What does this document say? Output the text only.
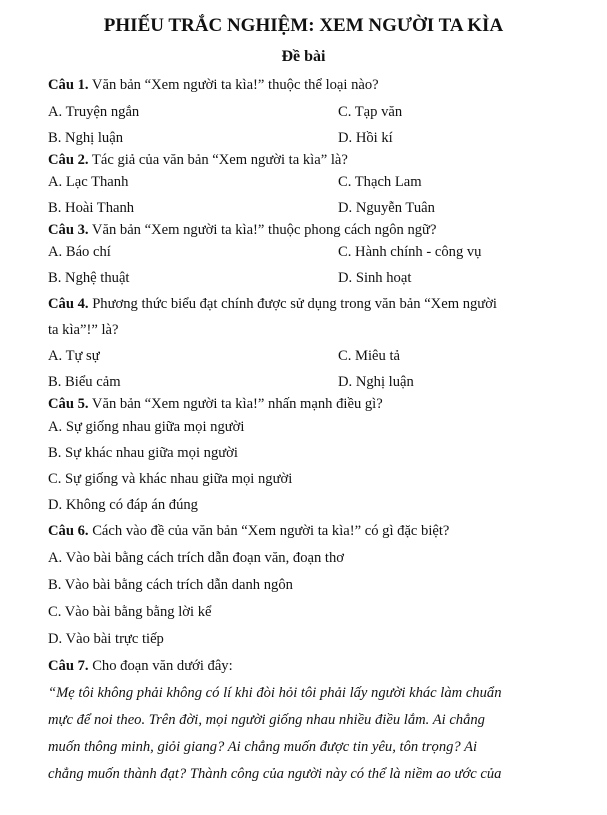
PHIẾU TRẮC NGHIỆM: XEM NGƯỜI TA KÌA
Đề bài

Câu 1. Văn bản “Xem người ta kìa!” thuộc thể loại nào?

A. Truyện ngắn	C. Tạp văn
B. Nghị luận	D. Hồi kí

Câu 2. Tác giả của văn bản “Xem người ta kìa” là?

A. Lạc Thanh	C. Thạch Lam
B. Hoài Thanh	D. Nguyễn Tuân

Câu 3. Văn bản “Xem người ta kìa!” thuộc phong cách ngôn ngữ?

A. Báo chí	C. Hành chính - công vụ
B. Nghệ thuật	D. Sinh hoạt

Câu 4. Phương thức biểu đạt chính được sử dụng trong văn bản “Xem người

ta kìa”!” là?

A. Tự sự	C. Miêu tả
B. Biểu cảm	D. Nghị luận

Câu 5. Văn bản “Xem người ta kìa!” nhấn mạnh điều gì?

A. Sự giống nhau giữa mọi người
B. Sự khác nhau giữa mọi người
C. Sự giống và khác nhau giữa mọi người
D. Không có đáp án đúng

Câu 6. Cách vào đề của văn bản “Xem người ta kìa!” có gì đặc biệt?

A. Vào bài bằng cách trích dẫn đoạn văn, đoạn thơ
B. Vào bài bằng cách trích dẫn danh ngôn
C. Vào bài bằng bằng lời kể
D. Vào bài trực tiếp

Câu 7. Cho đoạn văn dưới đây:

“Mẹ tôi không phải không có lí khi đòi hỏi tôi phải lấy người khác làm chuẩn
mực để noi theo. Trên đời, mọi người giống nhau nhiều điều lắm. Ai chẳng
muốn thông minh, giỏi giang? Ai chẳng muốn được tin yêu, tôn trọng? Ai
chẳng muốn thành đạt? Thành công của người này có thể là niềm ao ước của
